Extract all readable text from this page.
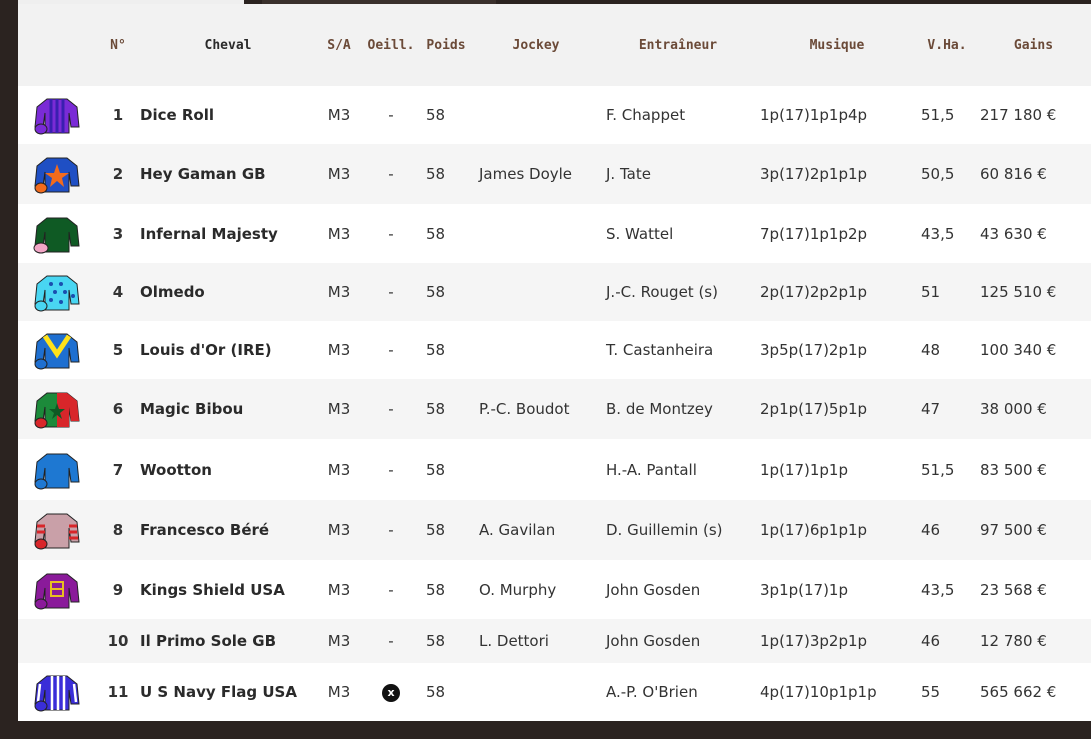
	N°	Cheval	S/A	Oeill.	Poids	Jockey	Entraîneur	Musique	V.Ha.	Gains
	1	Dice Roll	M3	-	58		F. Chappet	1p(17)1p1p4p	51,5	217 180 €
	2	Hey Gaman GB	M3	-	58	James Doyle	J. Tate	3p(17)2p1p1p	50,5	60 816 €
	3	Infernal Majesty	M3	-	58		S. Wattel	7p(17)1p1p2p	43,5	43 630 €
	4	Olmedo	M3	-	58		J.-C. Rouget (s)	2p(17)2p2p1p	51	125 510 €
	5	Louis d'Or (IRE)	M3	-	58		T. Castanheira	3p5p(17)2p1p	48	100 340 €
	6	Magic Bibou	M3	-	58	P.-C. Boudot	B. de Montzey	2p1p(17)5p1p	47	38 000 €
	7	Wootton	M3	-	58		H.-A. Pantall	1p(17)1p1p	51,5	83 500 €
	8	Francesco Béré	M3	-	58	A. Gavilan	D. Guillemin (s)	1p(17)6p1p1p	46	97 500 €
	9	Kings Shield USA	M3	-	58	O. Murphy	John Gosden	3p1p(17)1p	43,5	23 568 €
	10	Il Primo Sole GB	M3	-	58	L. Dettori	John Gosden	1p(17)3p2p1p	46	12 780 €
	11	U S Navy Flag USA	M3	x	58		A.-P. O'Brien	4p(17)10p1p1p	55	565 662 €
